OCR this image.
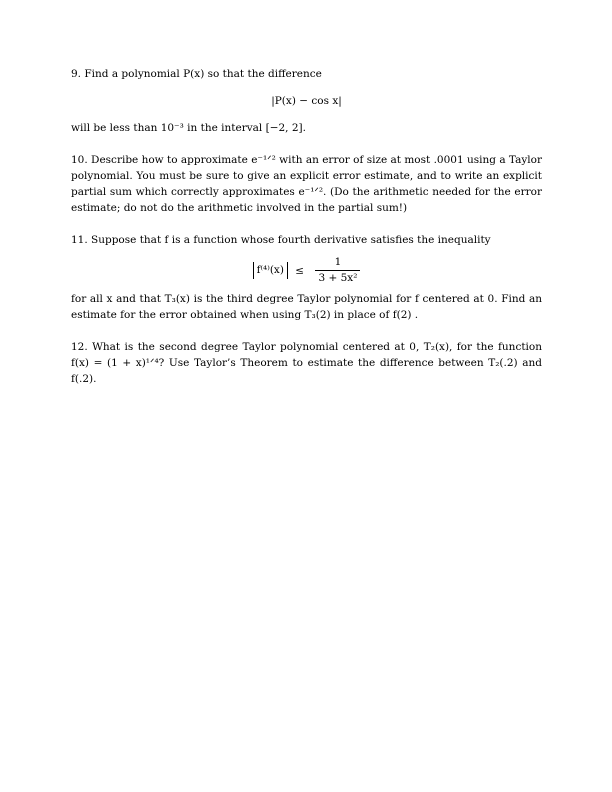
9. Find a polynomial P(x) so that the difference

|P(x) − cos x|

will be less than 10⁻³ in the interval [−2, 2].

10. Describe how to approximate e⁻¹ᐟ² with an error of size at most .0001 using a Taylor polynomial. You must be sure to give an explicit error estimate, and to write an explicit partial sum which correctly approximates e⁻¹ᐟ². (Do the arithmetic needed for the error estimate; do not do the arithmetic involved in the partial sum!)

11. Suppose that f is a function whose fourth derivative satisfies the inequality

$f^{(4)}(x) \le \frac{1}{\text{3 + 5x²}}$

for all x and that T₃(x) is the third degree Taylor polynomial for f centered at 0. Find an estimate for the error obtained when using T₃(2) in place of f(2) .

12. What is the second degree Taylor polynomial centered at 0, T₂(x), for the function f(x) = (1 + x)¹ᐟ⁴? Use Taylor’s Theorem to estimate the difference between T₂(.2) and f(.2).
